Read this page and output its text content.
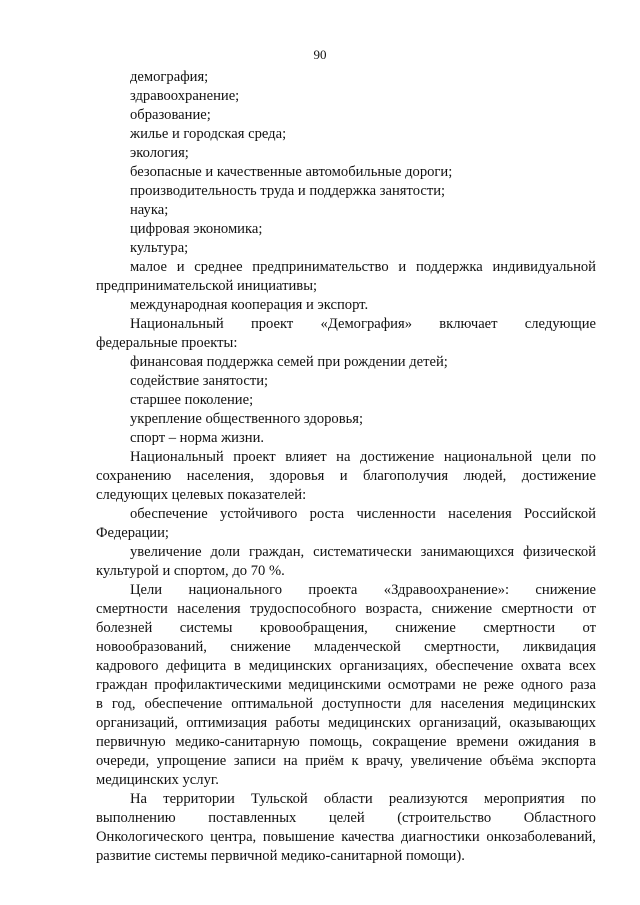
90
демография;
здравоохранение;
образование;
жилье и городская среда;
экология;
безопасные и качественные автомобильные дороги;
производительность труда и поддержка занятости;
наука;
цифровая экономика;
культура;
малое и среднее предпринимательство и поддержка индивидуальной
предпринимательской инициативы;
международная кооперация и экспорт.
Национальный проект «Демография» включает следующие
федеральные проекты:
финансовая поддержка семей при рождении детей;
содействие занятости;
старшее поколение;
укрепление общественного здоровья;
спорт – норма жизни.
Национальный проект влияет на достижение национальной цели по
сохранению населения, здоровья и благополучия людей, достижение
следующих целевых показателей:
обеспечение устойчивого роста численности населения Российской
Федерации;
увеличение доли граждан, систематически занимающихся физической
культурой и спортом, до 70 %.
Цели национального проекта «Здравоохранение»: снижение
смертности населения трудоспособного возраста, снижение смертности от
болезней системы кровообращения, снижение смертности от
новообразований, снижение младенческой смертности, ликвидация
кадрового дефицита в медицинских организациях, обеспечение охвата всех
граждан профилактическими медицинскими осмотрами не реже одного раза
в год, обеспечение оптимальной доступности для населения медицинских
организаций, оптимизация работы медицинских организаций, оказывающих
первичную медико-санитарную помощь, сокращение времени ожидания в
очереди, упрощение записи на приём к врачу, увеличение объёма экспорта
медицинских услуг.
На территории Тульской области реализуются мероприятия по
выполнению поставленных целей (строительство Областного
Онкологического центра, повышение качества диагностики онкозаболеваний,
развитие системы первичной медико-санитарной помощи).
